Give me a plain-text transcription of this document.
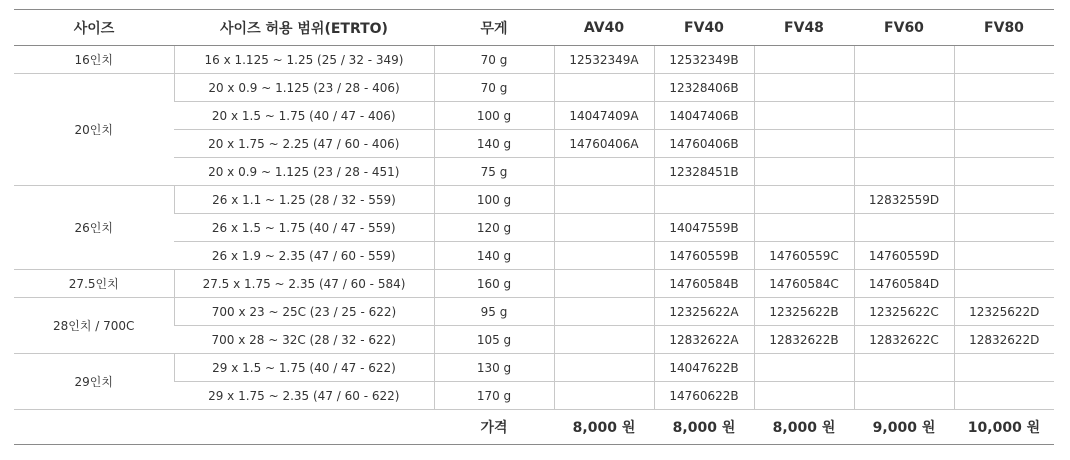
사이즈	사이즈 허용 범위(ETRTO)	무게	AV40	FV40	FV48	FV60	FV80
16인치	16 x 1.125 ~ 1.25 (25 / 32 - 349)	70 g	12532349A	12532349B			
20인치	20 x 0.9 ~ 1.125 (23 / 28 - 406)	70 g		12328406B			
	20 x 1.5 ~ 1.75 (40 / 47 - 406)	100 g	14047409A	14047406B			
	20 x 1.75 ~ 2.25 (47 / 60 - 406)	140 g	14760406A	14760406B			
	20 x 0.9 ~ 1.125 (23 / 28 - 451)	75 g		12328451B			
26인치	26 x 1.1 ~ 1.25 (28 / 32 - 559)	100 g				12832559D	
	26 x 1.5 ~ 1.75 (40 / 47 - 559)	120 g		14047559B			
	26 x 1.9 ~ 2.35 (47 / 60 - 559)	140 g		14760559B	14760559C	14760559D	
27.5인치	27.5 x 1.75 ~ 2.35 (47 / 60 - 584)	160 g		14760584B	14760584C	14760584D	
28인치 / 700C	700 x 23 ~ 25C (23 / 25 - 622)	95 g		12325622A	12325622B	12325622C	12325622D
	700 x 28 ~ 32C (28 / 32 - 622)	105 g		12832622A	12832622B	12832622C	12832622D
29인치	29 x 1.5 ~ 1.75 (40 / 47 - 622)	130 g		14047622B			
	29 x 1.75 ~ 2.35 (47 / 60 - 622)	170 g		14760622B			
		가격	8,000 원	8,000 원	8,000 원	9,000 원	10,000 원
